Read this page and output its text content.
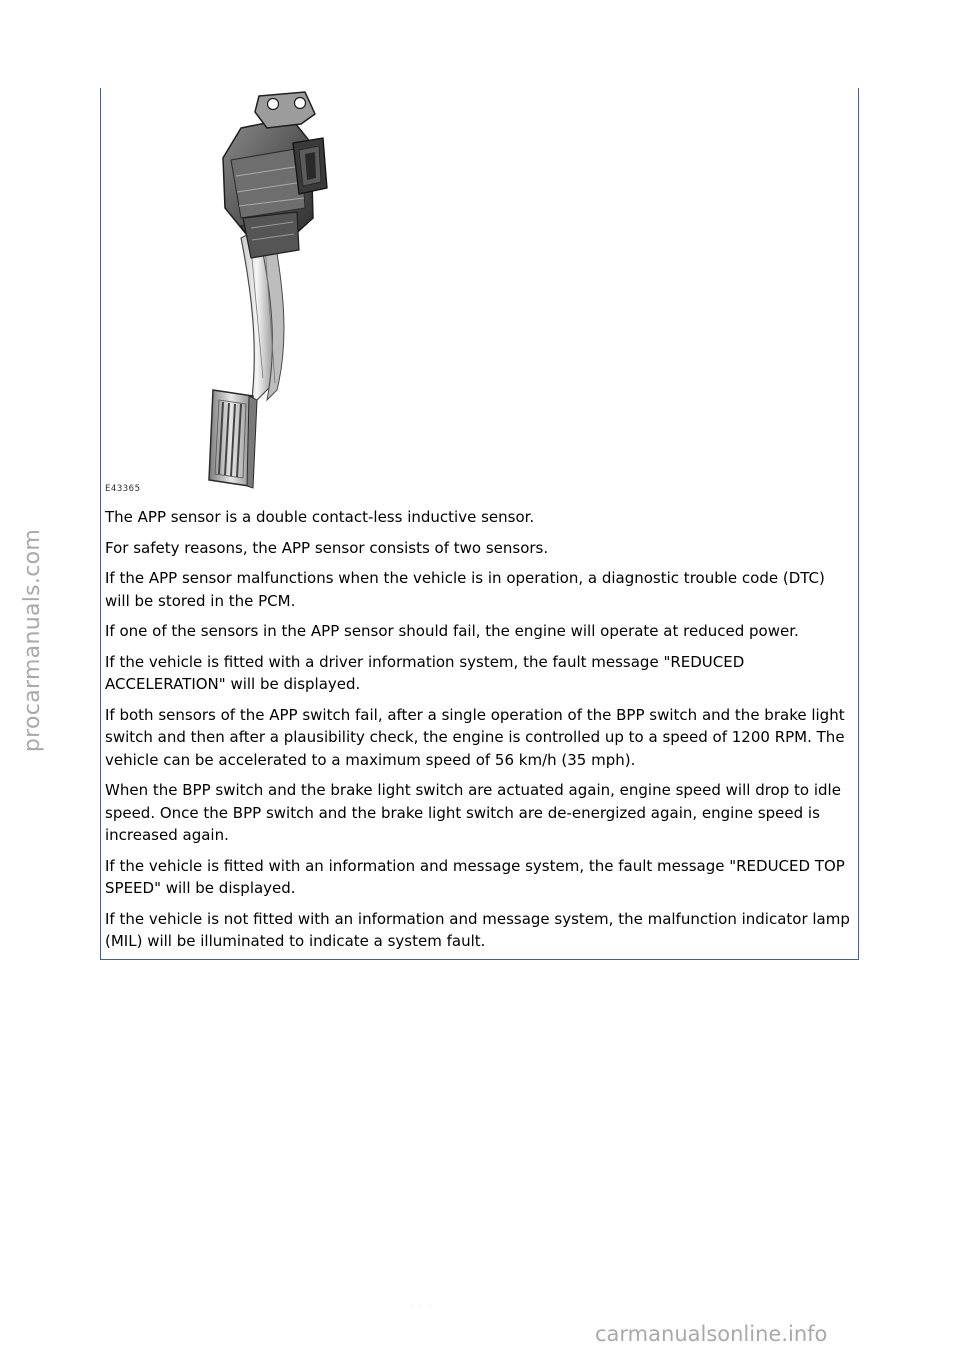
procarmanuals.com
E43365

The APP sensor is a double contact-less inductive sensor.

For safety reasons, the APP sensor consists of two sensors.

If the APP sensor malfunctions when the vehicle is in operation, a diagnostic trouble code (DTC) will be stored in the PCM.

If one of the sensors in the APP sensor should fail, the engine will operate at reduced power.

If the vehicle is fitted with a driver information system, the fault message "REDUCED ACCELERATION" will be displayed.

If both sensors of the APP switch fail, after a single operation of the BPP switch and the brake light switch and then after a plausibility check, the engine is controlled up to a speed of 1200 RPM. The vehicle can be accelerated to a maximum speed of 56 km/h (35 mph).

When the BPP switch and the brake light switch are actuated again, engine speed will drop to idle speed. Once the BPP switch and the brake light switch are de-energized again, engine speed is increased again.

If the vehicle is fitted with an information and message system, the fault message "REDUCED TOP SPEED" will be displayed.

If the vehicle is not fitted with an information and message system, the malfunction indicator lamp (MIL) will be illuminated to indicate a system fault.

· · ·
carmanualsonline.info
